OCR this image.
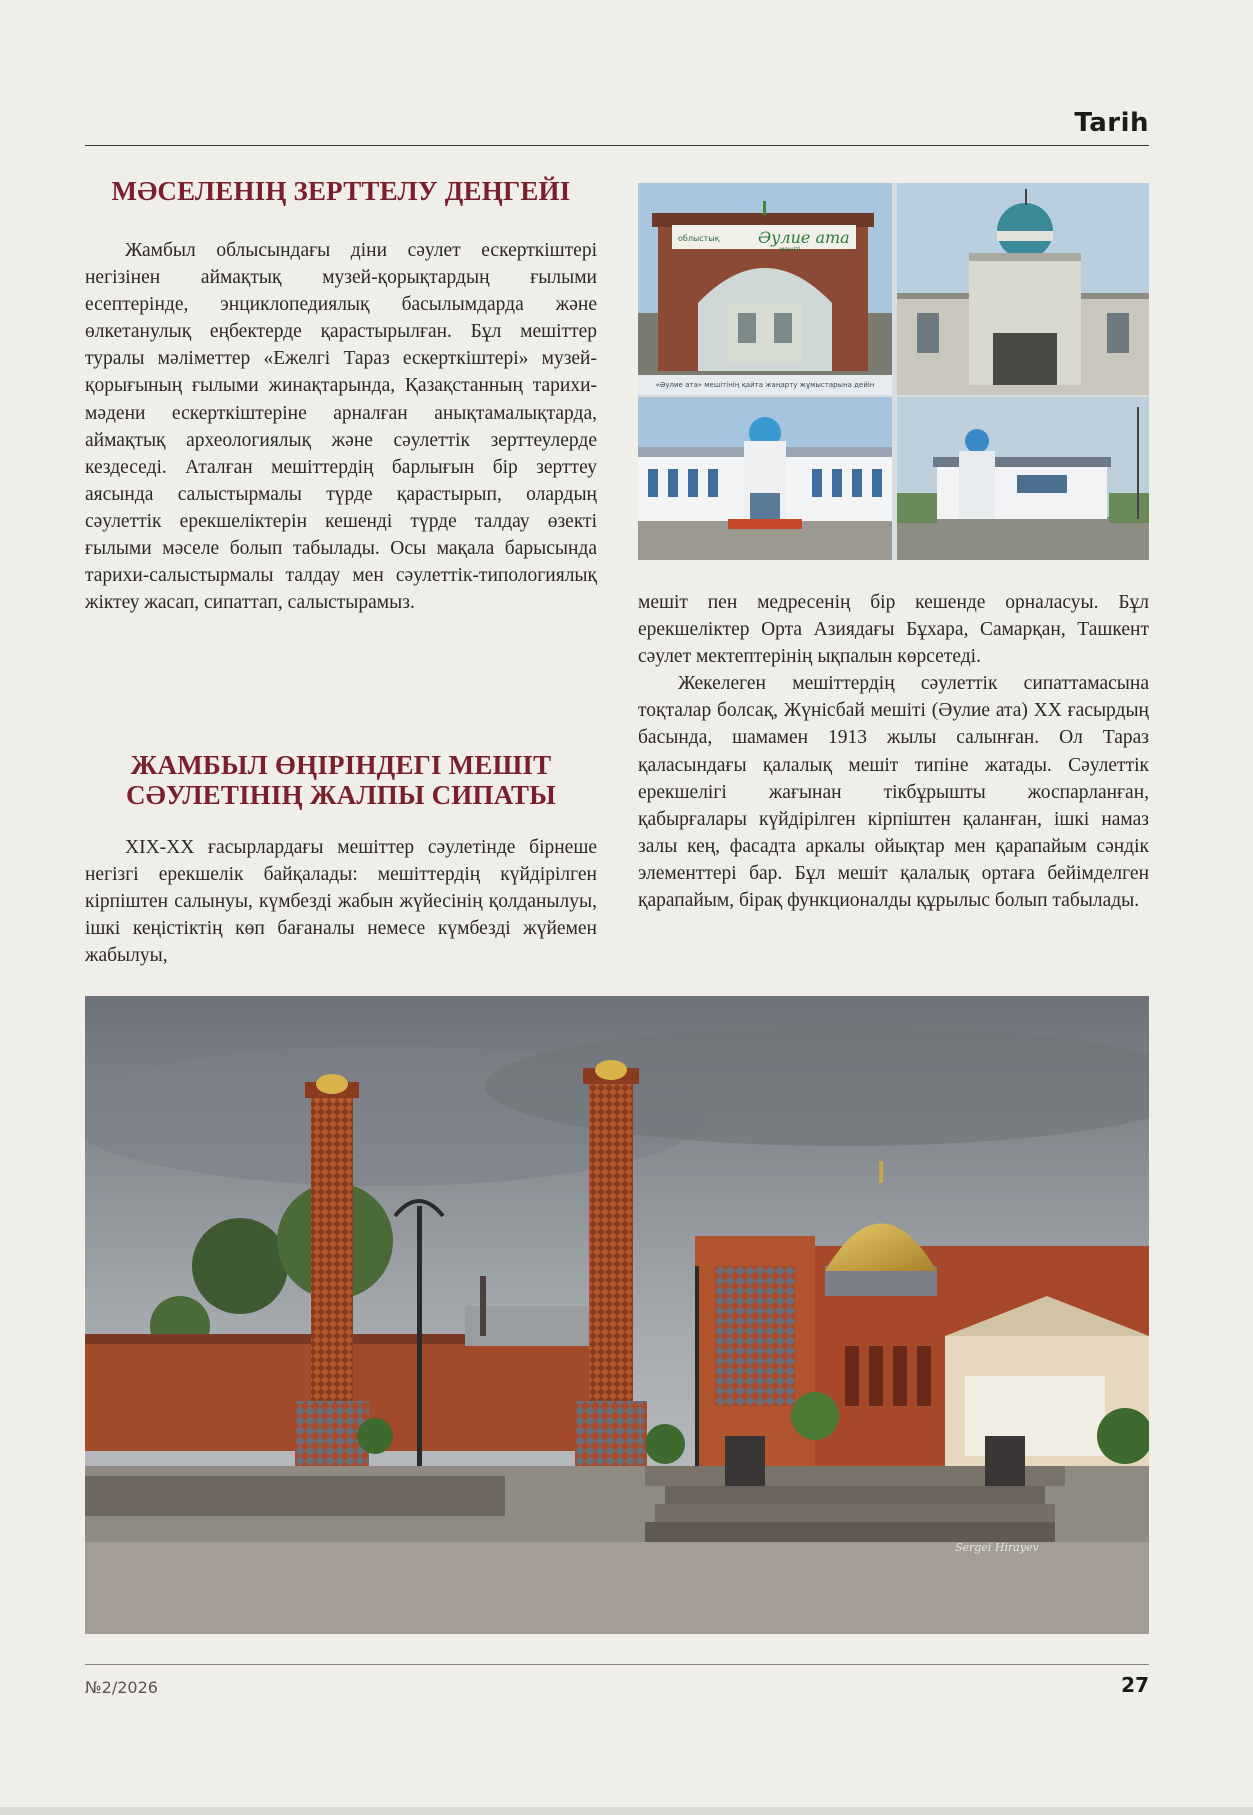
Tarih
МӘСЕЛЕНІҢ ЗЕРТТЕЛУ ДЕҢГЕЙІ

Жамбыл облысындағы діни сәулет ескерткіштері негізінен аймақтық музей-қорықтардың ғылыми есептерінде, энциклопедиялық басылымдарда және өлкетанулық еңбектерде қарастырылған. Бұл мешіттер туралы мәліметтер «Ежелгі Тараз ескерткіштері» музей-қорығының ғылыми жинақтарында, Қазақстанның тарихи-мәдени ескерткіштеріне арналған анықтамалықтарда, аймақтық археологиялық және сәулеттік зерттеулерде кездеседі. Аталған мешіттердің барлығын бір зерттеу аясында салыстырмалы түрде қарастырып, олардың сәулеттік ерекшеліктерін кешенді түрде талдау өзекті ғылыми мәселе болып табылады. Осы мақала барысында тарихи-салыстырмалы талдау мен сәулеттік-типологиялық жіктеу жасап, сипаттап, салыстырамыз.

ЖАМБЫЛ ӨҢІРІНДЕГІ МЕШІТ
СӘУЛЕТІНІҢ ЖАЛПЫ СИПАТЫ

XIX-XX ғасырлардағы мешіттер сәулетінде бірнеше негізгі ерекшелік байқалады: мешіттердің күйдірілген кірпіштен салынуы, күмбезді жабын жүйесінің қолданылуы, ішкі кеңістіктің көп бағаналы немесе күмбезді жүйемен жабылуы,

мешіт пен медресенің бір кешенде орналасуы. Бұл ерекшеліктер Орта Азиядағы Бұхара, Самарқан, Ташкент сәулет мектептерінің ықпалын көрсетеді.

Жекелеген мешіттердің сәулеттік сипаттамасына тоқталар болсақ, Жүнісбай мешіті (Әулие ата) XX ғасырдың басында, шамамен 1913 жылы салынған. Ол Тараз қаласындағы қалалық мешіт типіне жатады. Сәулеттік ерекшелігі жағынан тікбұрышты жоспарланған, қабырғалары күйдірілген кірпіштен қаланған, ішкі намаз залы кең, фасадта аркалы ойықтар мен қарапайым сәндік элементтері бар. Бұл мешіт қалалық ортаға бейімделген қарапайым, бірақ функционалды құрылыс болып табылады.

облыстық Әулие ата
мешіті
«Әулие ата» мешітінің қайта жаңарту жұмыстарына дейін
Sergei Hirayev
№2/2026	27
